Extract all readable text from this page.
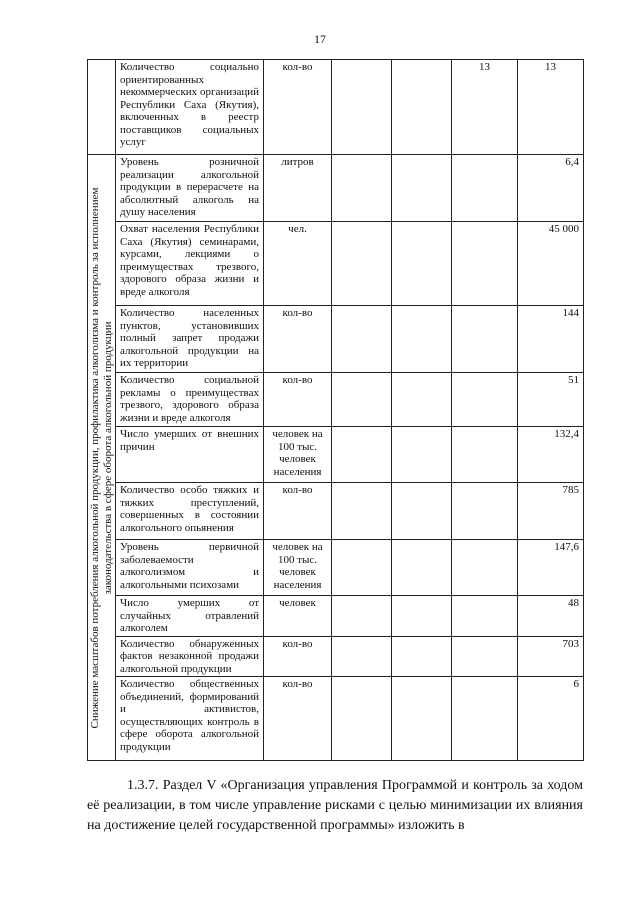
17
	Количество социально ориентированных некоммерческих организаций Республики Саха (Якутия), включенных в реестр поставщиков социальных услуг	кол-во			13	13

Снижение масштабов потребления алкогольной продукции, профилактика алкоголизма и контроль за исполнением законодательства в сфере оборота алкогольной продукции	Уровень розничной реализации алкогольной продукции в перерасчете на абсолютный алкоголь на душу населения	литров				6,4
	Охват населения Республики Саха (Якутия) семинарами, курсами, лекциями о преимуществах трезвого, здорового образа жизни и вреде алкоголя	чел.				45 000
	Количество населенных пунктов, установивших полный запрет продажи алкогольной продукции на их территории	кол-во				144
	Количество социальной рекламы о преимуществах трезвого, здорового образа жизни и вреде алкоголя	кол-во				51
	Число умерших от внешних причин	человек на 100 тыс. человек населения				132,4
	Количество особо тяжких и тяжких преступлений, совершенных в состоянии алкогольного опьянения	кол-во				785
	Уровень первичной заболеваемости алкоголизмом и алкогольными психозами	человек на 100 тыс. человек населения				147,6
	Число умерших от случайных отравлений алкоголем	человек				48
	Количество обнаруженных фактов незаконной продажи алкогольной продукции	кол-во				703
	Количество общественных объединений, формирований и активистов, осуществляющих контроль в сфере оборота алкогольной продукции	кол-во				6
1.3.7. Раздел V «Организация управления Программой и контроль за ходом её реализации, в том числе управление рисками с целью минимизации их влияния на достижение целей государственной программы» изложить в
